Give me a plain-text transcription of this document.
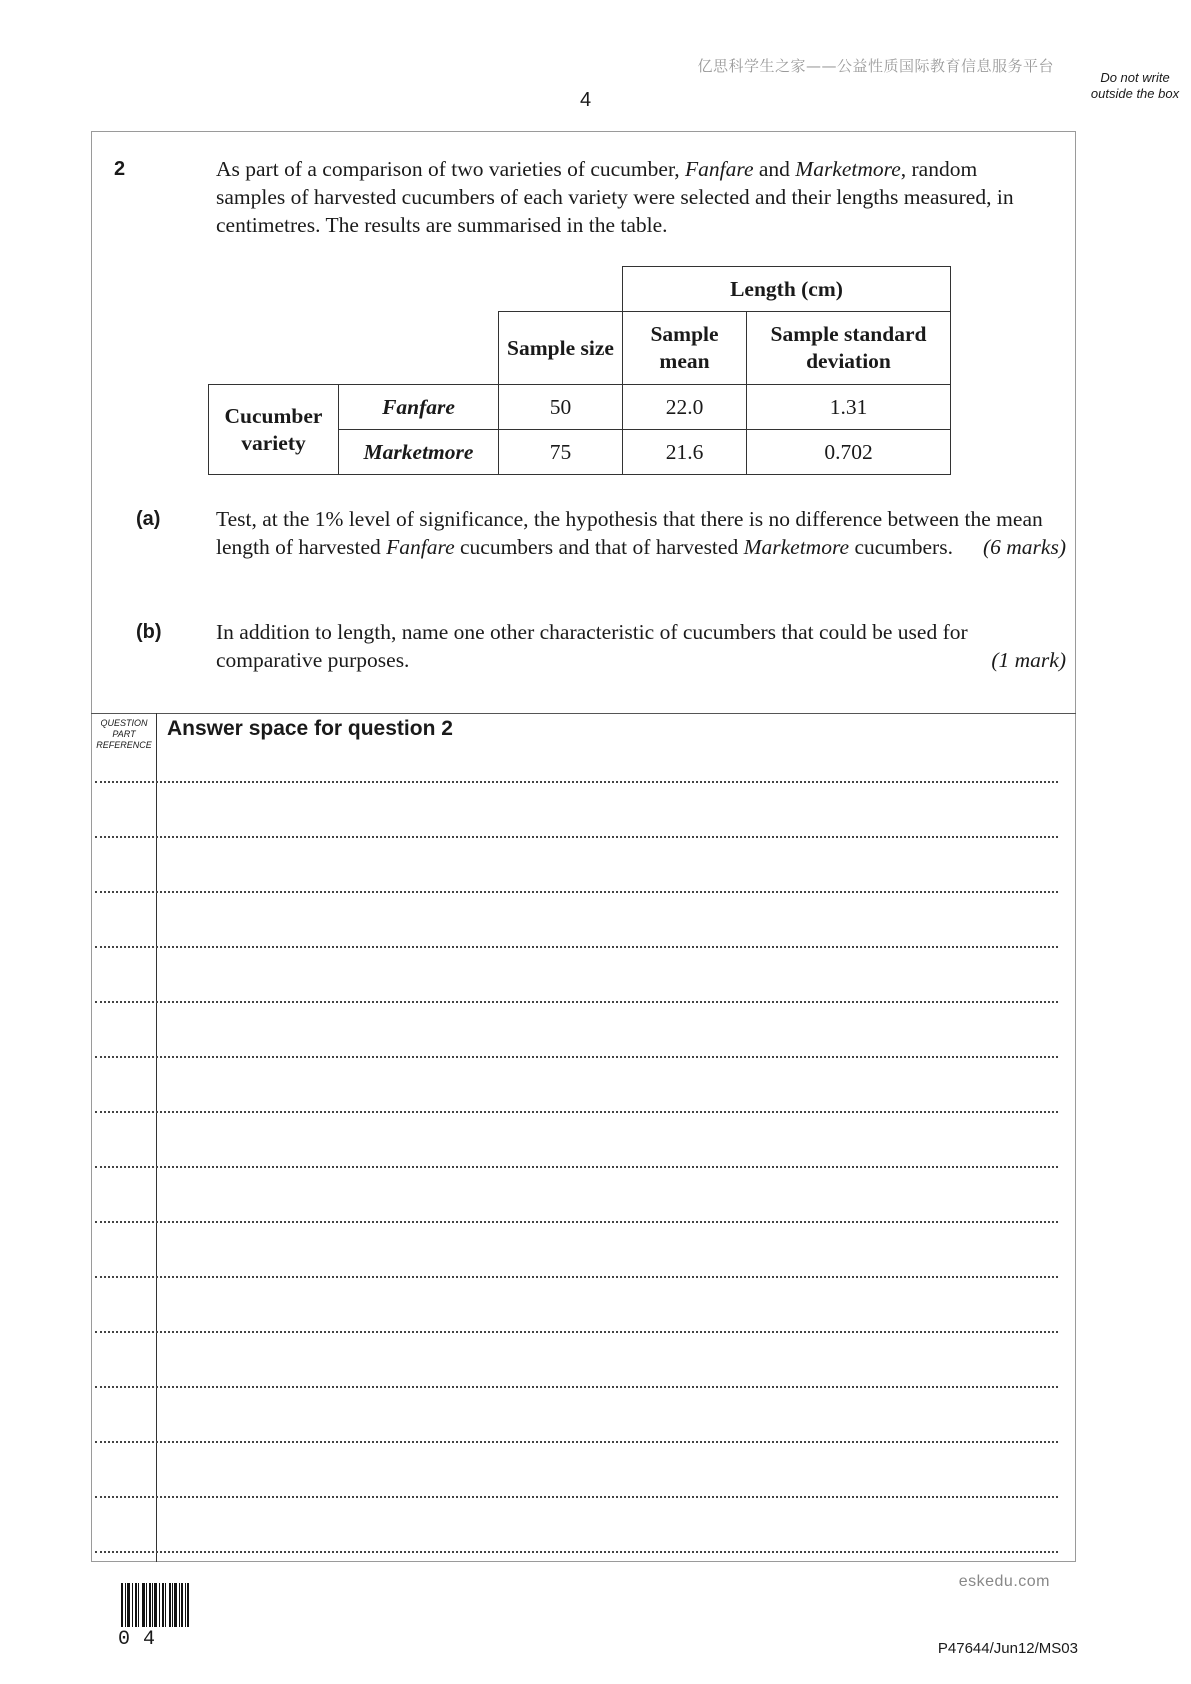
亿思科学生之家——公益性质国际教育信息服务平台
4
Do not write outside the box
2	As part of a comparison of two varieties of cucumber, Fanfare and Marketmore, random samples of harvested cucumbers of each variety were selected and their lengths measured, in centimetres. The results are summarised in the table.
			Length (cm)	
		Sample size	Sample mean	Sample standard deviation
Cucumber variety	Fanfare	50	22.0	1.31
	Marketmore	75	21.6	0.702
(a)	Test, at the 1% level of significance, the hypothesis that there is no difference between the mean length of harvested Fanfare cucumbers and that of harvested Marketmore cucumbers. (6 marks)
(b)	In addition to length, name one other characteristic of cucumbers that could be used for comparative purposes.	(1 mark)
QUESTION PART REFERENCE
Answer space for question 2
eskedu.com
04	P47644/Jun12/MS03
